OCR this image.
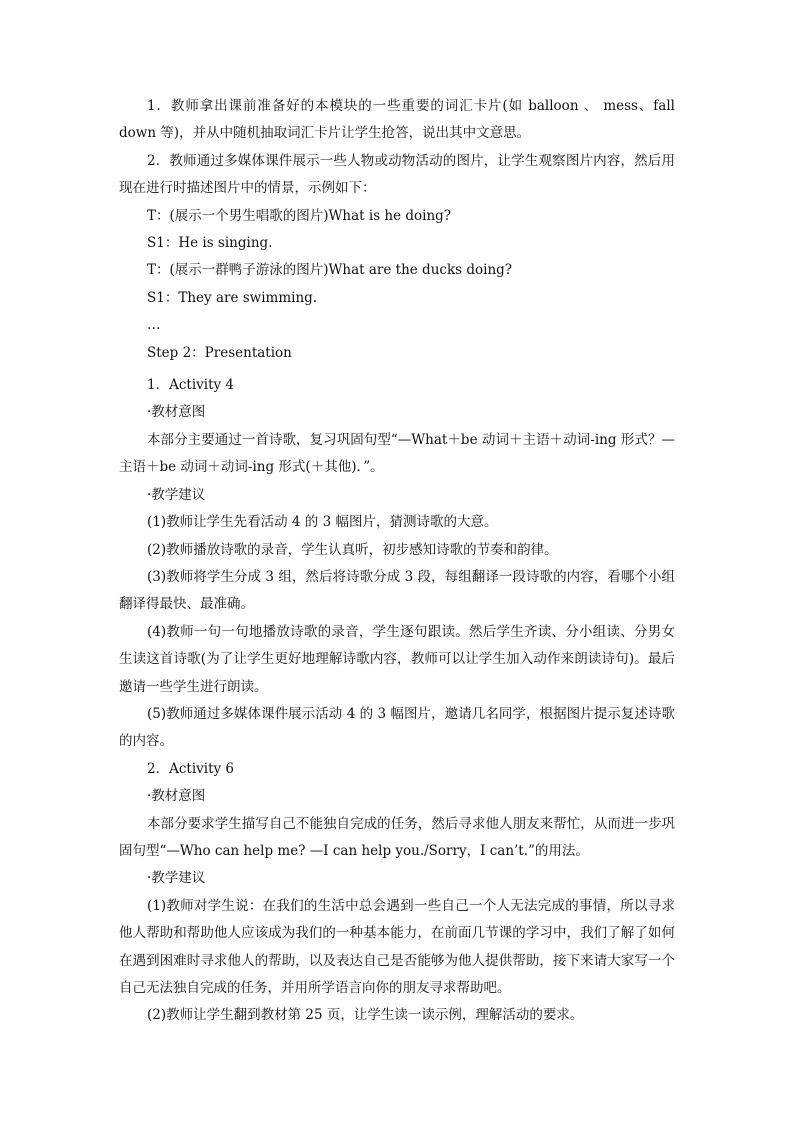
1．教师拿出课前准备好的本模块的一些重要的词汇卡片(如 balloon 、 mess、fall down 等)，并从中随机抽取词汇卡片让学生抢答，说出其中文意思。

2．教师通过多媒体课件展示一些人物或动物活动的图片，让学生观察图片内容，然后用现在进行时描述图片中的情景，示例如下：

T：(展示一个男生唱歌的图片)What is he doing?

S1：He is singing.

T：(展示一群鸭子游泳的图片)What are the ducks doing?

S1：They are swimming.

…

Step 2：Presentation

1．Activity 4

·教材意图

本部分主要通过一首诗歌，复习巩固句型“—What＋be 动词＋主语＋动词-ing 形式？—主语＋be 动词＋动词-ing 形式(＋其他)．”。

·教学建议

(1)教师让学生先看活动 4 的 3 幅图片，猜测诗歌的大意。

(2)教师播放诗歌的录音，学生认真听，初步感知诗歌的节奏和韵律。

(3)教师将学生分成 3 组，然后将诗歌分成 3 段，每组翻译一段诗歌的内容，看哪个小组翻译得最快、最准确。

(4)教师一句一句地播放诗歌的录音，学生逐句跟读。然后学生齐读、分小组读、分男女生读这首诗歌(为了让学生更好地理解诗歌内容，教师可以让学生加入动作来朗读诗句)。最后邀请一些学生进行朗读。

(5)教师通过多媒体课件展示活动 4 的 3 幅图片，邀请几名同学，根据图片提示复述诗歌的内容。

2．Activity 6

·教材意图

本部分要求学生描写自己不能独自完成的任务，然后寻求他人朋友来帮忙，从而进一步巩固句型“—Who can help me? —I can help you./Sorry，I can’t.”的用法。

·教学建议

(1)教师对学生说：在我们的生活中总会遇到一些自己一个人无法完成的事情，所以寻求他人帮助和帮助他人应该成为我们的一种基本能力，在前面几节课的学习中，我们了解了如何在遇到困难时寻求他人的帮助，以及表达自己是否能够为他人提供帮助，接下来请大家写一个自己无法独自完成的任务，并用所学语言向你的朋友寻求帮助吧。

(2)教师让学生翻到教材第 25 页，让学生读一读示例，理解活动的要求。
